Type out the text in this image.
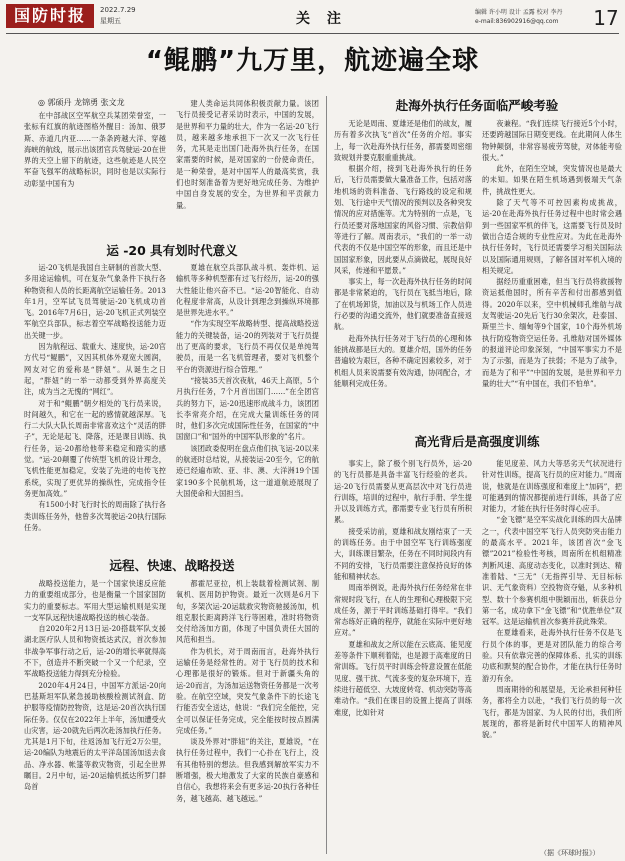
国防时报	2022.7.29
星期五	关 注	编辑 许小明 设计 孟露 校对 李丹
e-mail:836902916@qq.com	17
“鲲鹏”九万里，航迹遍全球
◎ 郭硕丹 龙锦勇 张文龙

在中部战区空军航空兵某团荣誉室，一张标有红旗的航迹图格外醒目：汤加、俄罗斯、赤道几内亚……一条条跨越大洋、穿越海峡的航线，展示出该团官兵驾驶运-20在世界的天空上留下的航迹，这些航迹是人民空军奋飞强军的战略标识，同时也是以实际行动彰显中国有为

建人类命运共同体积极贡献力量。该团飞行员接受记者采访时表示，中国的发展，是世界和平力量的壮大，作为一名运-20飞行员，越来越多地承担下一次又一次飞行任务，尤其是走出国门赴海外执行任务，在国家需要的时候，是对国家的一份使命责任，是一种荣誉，是对中国军人的最高奖赏，我们也时刻准备着为更好地完成任务、为维护中国自身发展的安全，为世界和平贡献力量。

运 -20 具有划时代意义

运-20飞机是我国自主研制的首款大型、多用途运输机，可在复杂气象条件下执行各种物资和人员的长距离航空运输任务。2013年1月，空军试飞员驾驶运-20飞机成功首飞。2016年7月6日，运-20飞机正式列装空军航空兵部队，标志着空军战略投送能力迈出关键一步。

因为航程远、载重大、速度快，运-20官方代号“鲲鹏”，又因其机体外观宽大圆润，网友对它的爱称是“胖妞”。从诞生之日起，“胖妞”的一举一动都受到外界高度关注，成为当之无愧的“网红”。

对于和“鲲鹏”朝夕相处的飞行员来说，时间越久，和它在一起的感情就越深厚。飞行二大队大队长周南非常喜欢这个“灵活的胖子”，无论是起飞、降落，还是课目训练、执行任务，运-20都给他带来稳定和踏实的感觉。“运-20颠覆了传统型飞机的设计理念，飞机性能更加稳定，安装了先进的电传飞控系统，实现了更优异的操纵性，完成指令任务更加高效。”

有1500小时飞行时长的周南除了执行各类训练任务外，他曾多次驾驶运-20执行国际任务。

夏雄在航空兵部队战斗机、轰炸机、运输机等多种机型都有过飞行经历，运-20的强大性能让他兴奋不已。“运-20智能化、自动化程度非常高，从设计到理念到操纵环境都是世界先进水平。”

“作为实现空军战略转型、提高战略投送能力的关键装备，运-20的列装对于飞行员提出了更高的要求，飞行员不再仅仅是单纯驾驶员，而是一名飞机管理者，要对飞机整个平台的资源进行综合管理。”

“接装35天首次夜航，46天上高原，5个月执行任务，7个月首出国门……”在全团官兵的努力下，运-20迅速形成战斗力，该团团长李常亮介绍，在完成大量训练任务的同时，他们多次完成国际性任务，在国家的“中国窗口”和“国外的中国军队形象的”名片。

该团政委倪明在盘点他们执飞运-20以来的航迹时总结说，从接装运-20至今，它的航迹已经遍布欧、亚、非、澳、大洋洲19个国家190多个民航机场，这一道道航迹展现了大国使命和大国担当。

远程、快速、战略投送

战略投送能力，是一个国家快速反应能力的重要组成部分，也是衡量一个国家国防实力的重要标志。军用大型运输机则是实现一支军队远程快速战略投送的核心装备。

自2020年2月13日运-20搭载军队支援湖北医疗队人员和物资抵达武汉，首次参加非战争军事行动之后，运-20的增长率就得高不下，创造并不断突破一个又一个纪录，空军战略投送能力得到充分检验。

2020年4月24日，中国军方派运-20向巴基斯坦军队紧急援助核酸检测试剂盒、防护服等疫情防控物资，这是运-20首次执行国际任务。仅仅在2022年上半年，汤加遭受火山灾害，运-20就先后两次赴汤加执行任务。尤其是1月下旬，往返汤加飞行近2万公里，运-20编队为地震后的太平洋岛国汤加送去食品、净水器、帐篷等救灾物资，引起全世界瞩目。2月中旬，运-20运输机抵达所罗门群岛首

都霍尼亚拉，机上装载着检测试剂、制氧机、医用防护物资。最近一次则是6月下旬，多架次运-20运载救灾物资驰援汤加，机组克服长距离跨洋飞行等困难，准时将物资交付给汤加方面，体现了中国负责任大国的风范和担当。

作为机长，对于周南而言，赴海外执行运输任务是经常性的。对于飞行员的技术和心理都是很好的锻炼。但对于新疆头角的运-20而言，为汤加运送物资任务都是一次考验。在航空空域，突发气象条件下的长途飞行能否安全送达，他说：“我们完全能控，完全可以保证任务完成，完全能按时按点圆满完成任务。”

谈及外界对“胖妞”的关注，夏雄说，“在执行任务过程中，我们一心扑在飞行上，没有其他特别的想法。但我感到解放军实力不断增强，极大地激发了大家的民族自豪感和自信心，我想将来会有更多运-20执行各种任务，越飞越高、越飞越远。”

赴海外执行任务面临严峻考验

无论是周南、夏雄还是他们的战友，履历有着多次执飞“首次”任务的介绍。事实上，每一次赴海外执行任务，都需要周密细致规划并要克服重重挑战。

根据介绍，接到飞赴海外执行的任务后，飞行员需要做大量准备工作，包括对落地机场的资料准备、飞行路线的设定和规划、飞行途中天气情况的预判以及各种突发情况的应对措施等。尤为特别的一点是，飞行员还要对落地国家的风俗习惯、宗教信仰等进行了解。周南表示，“我们的一举一动代表的不仅是中国空军的形象，而且还是中国国家形象，因此要从点滴做起，展现良好风采，传递和平愿景。”

事实上，每一次赴海外执行任务的时间都是非常紧迫的，飞行员在飞抵当地后，除了在机场卸货，加油以及与机场工作人员进行必要的沟通交流外，他们就要准备直接返航。

赴海外执行任务对于飞行员的心理和体能挑战都是巨大的。夏雄介绍，国外的任务普遍较为艰巨，各种不确定因素较多，对于机组人员来说需要有效沟通，协同配合，才能顺利完成任务。

夜兼程。“我们连续飞行接近5个小时，还要跨越国际日期变更线。在此期间人体生物钟颠倒，非常容易疲劳驾驶，对体能考验很大。”

此外，在陌生空域，突发情况也是最大的未知。如果在陌生机场遇到极端天气条件，挑战性更大。

除了天气等不可控因素构成挑战，运-20在赴海外执行任务过程中也时常会遇到一些国家军机的伴飞，这需要飞行员及时做出合适合规的专业性应对。为此在赴海外执行任务时，飞行员还需要学习相关国际法以及国际通用规则，了解各国对军机入境的相关规定。

据经历重重困难，但当飞行员将救援物资运抵他国时，所有辛苦和付出都感到值得。2020年以来，空中机械师孔维舫与战友驾驶运-20先后飞行30余架次，赴泰国、斯里兰卡、缅甸等9个国家，10个海外机场执行防疫物资空运任务。孔维舫对国外媒体的报道评论印象深刻，“中国军事实力不是为了示强，而是为了扶弱；不是为了战争，而是为了和平”“中国的发展，是世界和平力量的壮大”“有中国在，我们不怕单”。

高光背后是高强度训练

事实上，除了极个别飞行员外，运-20的飞行员都是具备丰富飞行经验的老兵。运-20飞行员需要从更高层次中对飞行员进行训练，培训的过程中，航行手册、学生提升以及训练方式，都需要专业飞行员有所积累。

接受采访前，夏雄和战友刚结束了一天的训练任务。由于中国空军飞行训练强度大，训练课目繁杂，任务在不同时间段内有不同的安排，飞行员需要注意保持良好的体能和精神状态。

周南举例说，赴海外执行任务经常在非常规时段飞行，在人的生理和心理极限下完成任务，源于平时训练基础打得牢。“我们常态练好正确的程序，就能在实际中更好地应对。”

夏雄和战友之所以能在云底高、能见度差等条件下顺利着陆，也是源于高难度的日常训练。飞行员平时训练会特意设置在低能见度、强干扰、气流多变的复杂环境下，连续进行超低空、大坡度转弯、机动突防等高难动作。“我们在课目的设置上提高了训练难度，比如针对

能见度差、风力大等恶劣天气状况进行针对性训练，提高飞行员的应对能力。”周南说，他就是在训练强度和难度上“加码”，把可能遇到的情况都提前进行训练，具备了应对能力，才能在执行任务时得心应手。

“金飞镖”是空军实战化训练的四大品牌之一，代表中国空军飞行人员突防突击能力的最高水平。2021年，该团首次“金飞镖”2021”检验性考核，周南所在机组精准判断风速、高度动态变化，以准时到达、精准着陆、“三无”（无指挥引导、无目标标识、无气象资料）空投物资夺魁，从多种机型、数十个参赛机组中脱颖而出，斩获总分第一名，成功拿下“金飞镖”和“优胜单位”双冠军。这是运输机首次参赛并获此殊荣。

在夏雄看来，赴海外执行任务不仅是飞行员个体的事，更是对团队能力的综合考验。只有依靠完善的保障体系、扎实的训练功底和默契的配合协作，才能在执行任务时游刃有余。

周南期待的和展望是，无论承担何种任务，都将全力以赴，“我们飞行员的每一次飞行，都是为国家、为人民的付出，我们所展现的，都将是新时代中国军人的精神风貌。”

（据《环球时报》）
